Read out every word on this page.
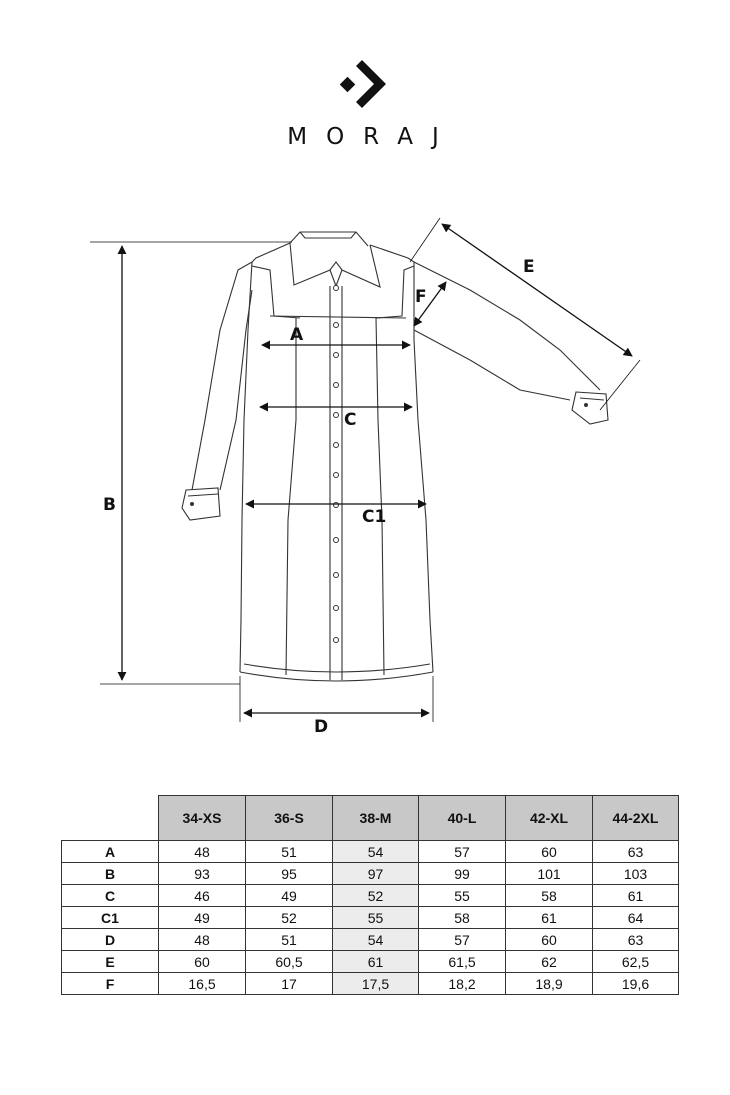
MORAJ
B
A
C
C1
D
E
F
	34-XS	36-S	38-M	40-L	42-XL	44-2XL
A	48	51	54	57	60	63
B	93	95	97	99	101	103
C	46	49	52	55	58	61
C1	49	52	55	58	61	64
D	48	51	54	57	60	63
E	60	60,5	61	61,5	62	62,5
F	16,5	17	17,5	18,2	18,9	19,6
